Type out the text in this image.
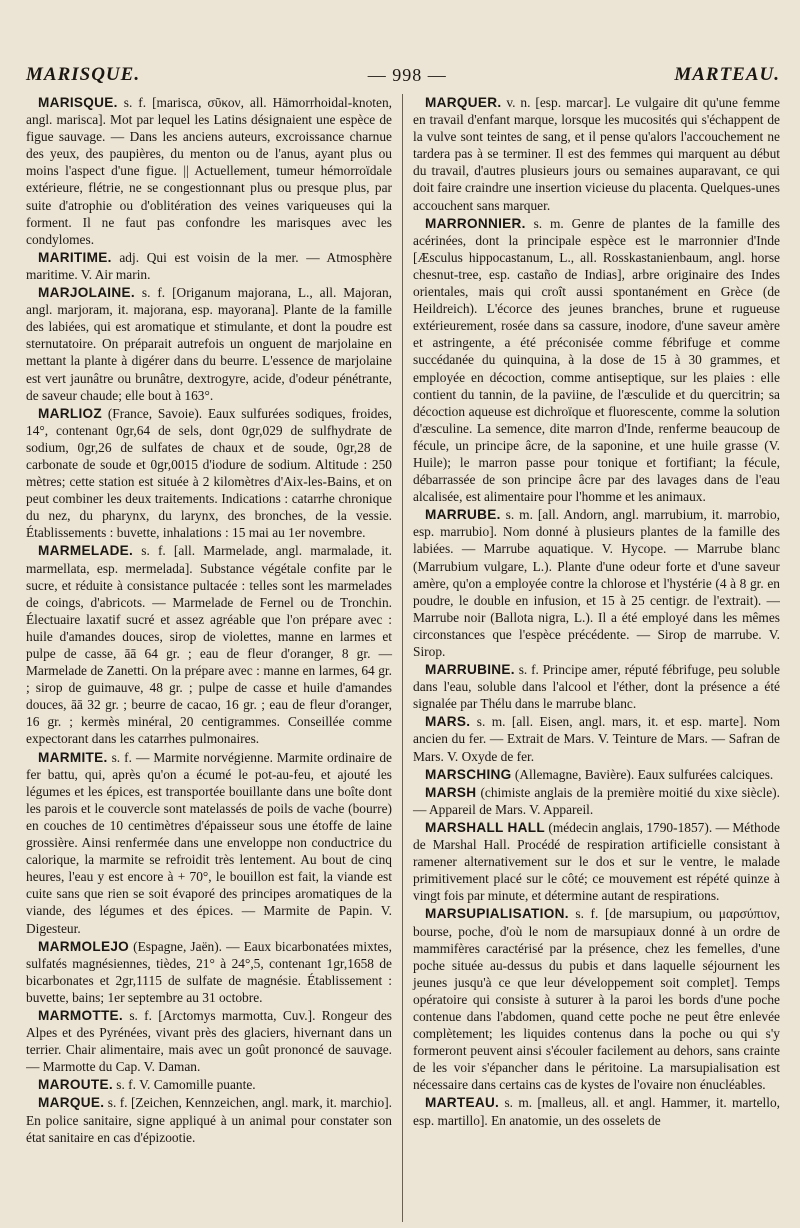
MARISQUE.	— 998 —	MARTEAU.

MARISQUE. s. f. [marisca, σῦκον, all. Hämorrhoidal-knoten, angl. marisca]. Mot par lequel les Latins désignaient une espèce de figue sauvage. — Dans les anciens auteurs, excroissance charnue des yeux, des paupières, du menton ou de l'anus, ayant plus ou moins l'aspect d'une figue. || Actuellement, tumeur hémorroïdale extérieure, flétrie, ne se congestionnant plus ou presque plus, par suite d'atrophie ou d'oblitération des veines variqueuses qui la forment. Il ne faut pas confondre les marisques avec les condylomes.

MARITIME. adj. Qui est voisin de la mer. — Atmosphère maritime. V. Air marin.

MARJOLAINE. s. f. [Origanum majorana, L., all. Majoran, angl. marjoram, it. majorana, esp. mayorana]. Plante de la famille des labiées, qui est aromatique et stimulante, et dont la poudre est sternutatoire. On préparait autrefois un onguent de marjolaine en mettant la plante à digérer dans du beurre. L'essence de marjolaine est vert jaunâtre ou brunâtre, dextrogyre, acide, d'odeur pénétrante, de saveur chaude; elle bout à 163°.

MARLIOZ (France, Savoie). Eaux sulfurées sodiques, froides, 14°, contenant 0gr,64 de sels, dont 0gr,029 de sulfhydrate de sodium, 0gr,26 de sulfates de chaux et de soude, 0gr,28 de carbonate de soude et 0gr,0015 d'iodure de sodium. Altitude : 250 mètres; cette station est située à 2 kilomètres d'Aix-les-Bains, et on peut combiner les deux traitements. Indications : catarrhe chronique du nez, du pharynx, du larynx, des bronches, de la vessie. Établissements : buvette, inhalations : 15 mai au 1er novembre.

MARMELADE. s. f. [all. Marmelade, angl. marmalade, it. marmellata, esp. mermelada]. Substance végétale confite par le sucre, et réduite à consistance pultacée : telles sont les marmelades de coings, d'abricots. — Marmelade de Fernel ou de Tronchin. Électuaire laxatif sucré et assez agréable que l'on prépare avec : huile d'amandes douces, sirop de violettes, manne en larmes et pulpe de casse, āā 64 gr. ; eau de fleur d'oranger, 8 gr. — Marmelade de Zanetti. On la prépare avec : manne en larmes, 64 gr. ; sirop de guimauve, 48 gr. ; pulpe de casse et huile d'amandes douces, āā 32 gr. ; beurre de cacao, 16 gr. ; eau de fleur d'oranger, 16 gr. ; kermès minéral, 20 centigrammes. Conseillée comme expectorant dans les catarrhes pulmonaires.

MARMITE. s. f. — Marmite norvégienne. Marmite ordinaire de fer battu, qui, après qu'on a écumé le pot-au-feu, et ajouté les légumes et les épices, est transportée bouillante dans une boîte dont les parois et le couvercle sont matelassés de poils de vache (bourre) en couches de 10 centimètres d'épaisseur sous une étoffe de laine grossière. Ainsi renfermée dans une enveloppe non conductrice du calorique, la marmite se refroidit très lentement. Au bout de cinq heures, l'eau y est encore à + 70°, le bouillon est fait, la viande est cuite sans que rien se soit évaporé des principes aromatiques de la viande, des légumes et des épices. — Marmite de Papin. V. Digesteur.

MARMOLEJO (Espagne, Jaën). — Eaux bicarbonatées mixtes, sulfatés magnésiennes, tièdes, 21° à 24°,5, contenant 1gr,1658 de bicarbonates et 2gr,1115 de sulfate de magnésie. Établissement : buvette, bains; 1er septembre au 31 octobre.

MARMOTTE. s. f. [Arctomys marmotta, Cuv.]. Rongeur des Alpes et des Pyrénées, vivant près des glaciers, hivernant dans un terrier. Chair alimentaire, mais avec un goût prononcé de sauvage. — Marmotte du Cap. V. Daman.

MAROUTE. s. f. V. Camomille puante.

MARQUE. s. f. [Zeichen, Kennzeichen, angl. mark, it. marchio]. En police sanitaire, signe appliqué à un animal pour constater son état sanitaire en cas d'épizootie.

MARQUER. v. n. [esp. marcar]. Le vulgaire dit qu'une femme en travail d'enfant marque, lorsque les mucosités qui s'échappent de la vulve sont teintes de sang, et il pense qu'alors l'accouchement ne tardera pas à se terminer. Il est des femmes qui marquent au début du travail, d'autres plusieurs jours ou semaines auparavant, ce qui doit faire craindre une insertion vicieuse du placenta. Quelques-unes accouchent sans marquer.

MARRONNIER. s. m. Genre de plantes de la famille des acérinées, dont la principale espèce est le marronnier d'Inde [Æsculus hippocastanum, L., all. Rosskastanienbaum, angl. horse chesnut-tree, esp. castaño de Indias], arbre originaire des Indes orientales, mais qui croît aussi spontanément en Grèce (de Heildreich). L'écorce des jeunes branches, brune et rugueuse extérieurement, rosée dans sa cassure, inodore, d'une saveur amère et astringente, a été préconisée comme fébrifuge et comme succédanée du quinquina, à la dose de 15 à 30 grammes, et employée en décoction, comme antiseptique, sur les plaies : elle contient du tannin, de la paviine, de l'æsculide et du quercitrin; sa décoction aqueuse est dichroïque et fluorescente, comme la solution d'æsculine. La semence, dite marron d'Inde, renferme beaucoup de fécule, un principe âcre, de la saponine, et une huile grasse (V. Huile); le marron passe pour tonique et fortifiant; la fécule, débarrassée de son principe âcre par des lavages dans de l'eau alcalisée, est alimentaire pour l'homme et les animaux.

MARRUBE. s. m. [all. Andorn, angl. marrubium, it. marrobio, esp. marrubio]. Nom donné à plusieurs plantes de la famille des labiées. — Marrube aquatique. V. Hycope. — Marrube blanc (Marrubium vulgare, L.). Plante d'une odeur forte et d'une saveur amère, qu'on a employée contre la chlorose et l'hystérie (4 à 8 gr. en poudre, le double en infusion, et 15 à 25 centigr. de l'extrait). — Marrube noir (Ballota nigra, L.). Il a été employé dans les mêmes circonstances que l'espèce précédente. — Sirop de marrube. V. Sirop.

MARRUBINE. s. f. Principe amer, réputé fébrifuge, peu soluble dans l'eau, soluble dans l'alcool et l'éther, dont la présence a été signalée par Thélu dans le marrube blanc.

MARS. s. m. [all. Eisen, angl. mars, it. et esp. marte]. Nom ancien du fer. — Extrait de Mars. V. Teinture de Mars. — Safran de Mars. V. Oxyde de fer.

MARSCHING (Allemagne, Bavière). Eaux sulfurées calciques.

MARSH (chimiste anglais de la première moitié du xixe siècle). — Appareil de Mars. V. Appareil.

MARSHALL HALL (médecin anglais, 1790-1857). — Méthode de Marshal Hall. Procédé de respiration artificielle consistant à ramener alternativement sur le dos et sur le ventre, le malade primitivement placé sur le côté; ce mouvement est répété quinze à vingt fois par minute, et détermine autant de respirations.

MARSUPIALISATION. s. f. [de marsupium, ou μαρσύπιον, bourse, poche, d'où le nom de marsupiaux donné à un ordre de mammifères caractérisé par la présence, chez les femelles, d'une poche située au-dessus du pubis et dans laquelle séjournent les jeunes jusqu'à ce que leur développement soit complet]. Temps opératoire qui consiste à suturer à la paroi les bords d'une poche contenue dans l'abdomen, quand cette poche ne peut être enlevée complètement; les liquides contenus dans la poche ou qui s'y formeront peuvent ainsi s'écouler facilement au dehors, sans crainte de les voir s'épancher dans le péritoine. La marsupialisation est nécessaire dans certains cas de kystes de l'ovaire non énucléables.

MARTEAU. s. m. [malleus, all. et angl. Hammer, it. martello, esp. martillo]. En anatomie, un des osselets de
